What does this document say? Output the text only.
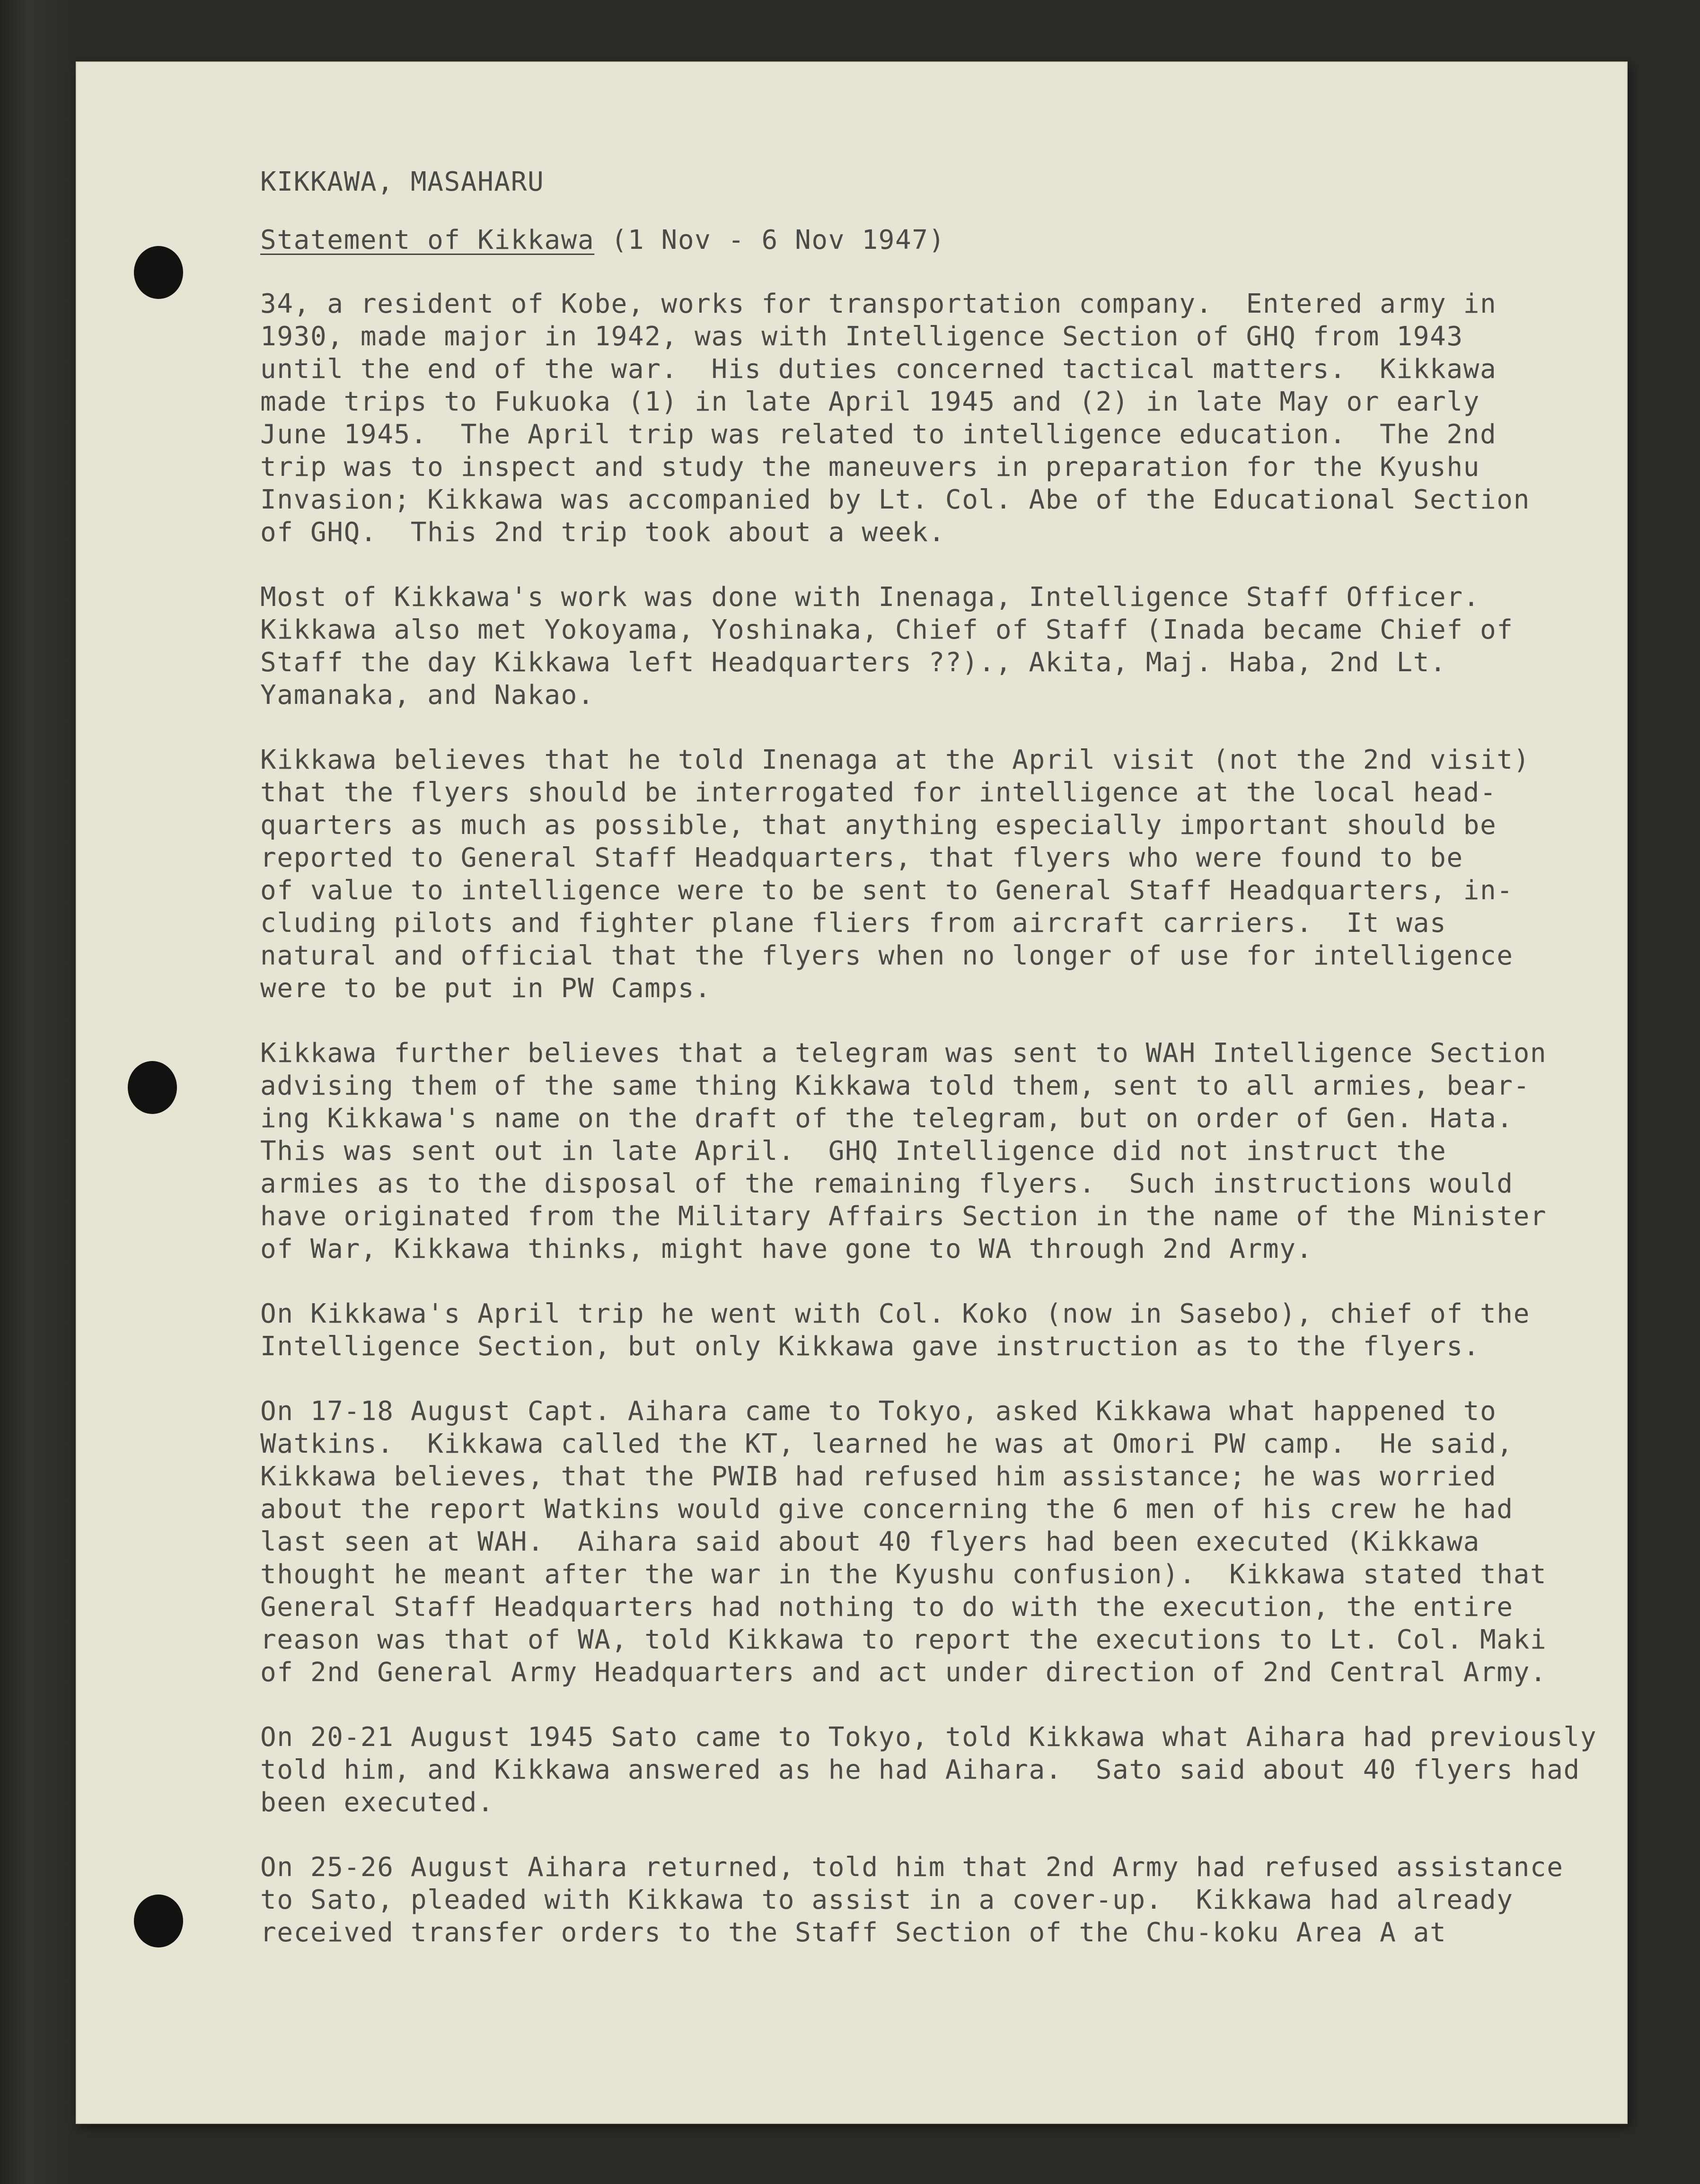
KIKKAWA, MASAHARU
Statement of Kikkawa (1 Nov - 6 Nov 1947)
34, a resident of Kobe, works for transportation company.  Entered army in
1930, made major in 1942, was with Intelligence Section of GHQ from 1943
until the end of the war.  His duties concerned tactical matters.  Kikkawa
made trips to Fukuoka (1) in late April 1945 and (2) in late May or early
June 1945.  The April trip was related to intelligence education.  The 2nd
trip was to inspect and study the maneuvers in preparation for the Kyushu
Invasion; Kikkawa was accompanied by Lt. Col. Abe of the Educational Section
of GHQ.  This 2nd trip took about a week.
Most of Kikkawa's work was done with Inenaga, Intelligence Staff Officer.
Kikkawa also met Yokoyama, Yoshinaka, Chief of Staff (Inada became Chief of
Staff the day Kikkawa left Headquarters ??)., Akita, Maj. Haba, 2nd Lt.
Yamanaka, and Nakao.
Kikkawa believes that he told Inenaga at the April visit (not the 2nd visit)
that the flyers should be interrogated for intelligence at the local head-
quarters as much as possible, that anything especially important should be
reported to General Staff Headquarters, that flyers who were found to be
of value to intelligence were to be sent to General Staff Headquarters, in-
cluding pilots and fighter plane fliers from aircraft carriers.  It was
natural and official that the flyers when no longer of use for intelligence
were to be put in PW Camps.
Kikkawa further believes that a telegram was sent to WAH Intelligence Section
advising them of the same thing Kikkawa told them, sent to all armies, bear-
ing Kikkawa's name on the draft of the telegram, but on order of Gen. Hata.
This was sent out in late April.  GHQ Intelligence did not instruct the
armies as to the disposal of the remaining flyers.  Such instructions would
have originated from the Military Affairs Section in the name of the Minister
of War, Kikkawa thinks, might have gone to WA through 2nd Army.
On Kikkawa's April trip he went with Col. Koko (now in Sasebo), chief of the
Intelligence Section, but only Kikkawa gave instruction as to the flyers.
On 17-18 August Capt. Aihara came to Tokyo, asked Kikkawa what happened to
Watkins.  Kikkawa called the KT, learned he was at Omori PW camp.  He said,
Kikkawa believes, that the PWIB had refused him assistance; he was worried
about the report Watkins would give concerning the 6 men of his crew he had
last seen at WAH.  Aihara said about 40 flyers had been executed (Kikkawa
thought he meant after the war in the Kyushu confusion).  Kikkawa stated that
General Staff Headquarters had nothing to do with the execution, the entire
reason was that of WA, told Kikkawa to report the executions to Lt. Col. Maki
of 2nd General Army Headquarters and act under direction of 2nd Central Army.
On 20-21 August 1945 Sato came to Tokyo, told Kikkawa what Aihara had previously
told him, and Kikkawa answered as he had Aihara.  Sato said about 40 flyers had
been executed.
On 25-26 August Aihara returned, told him that 2nd Army had refused assistance
to Sato, pleaded with Kikkawa to assist in a cover-up.  Kikkawa had already
received transfer orders to the Staff Section of the Chu-koku Area A at
